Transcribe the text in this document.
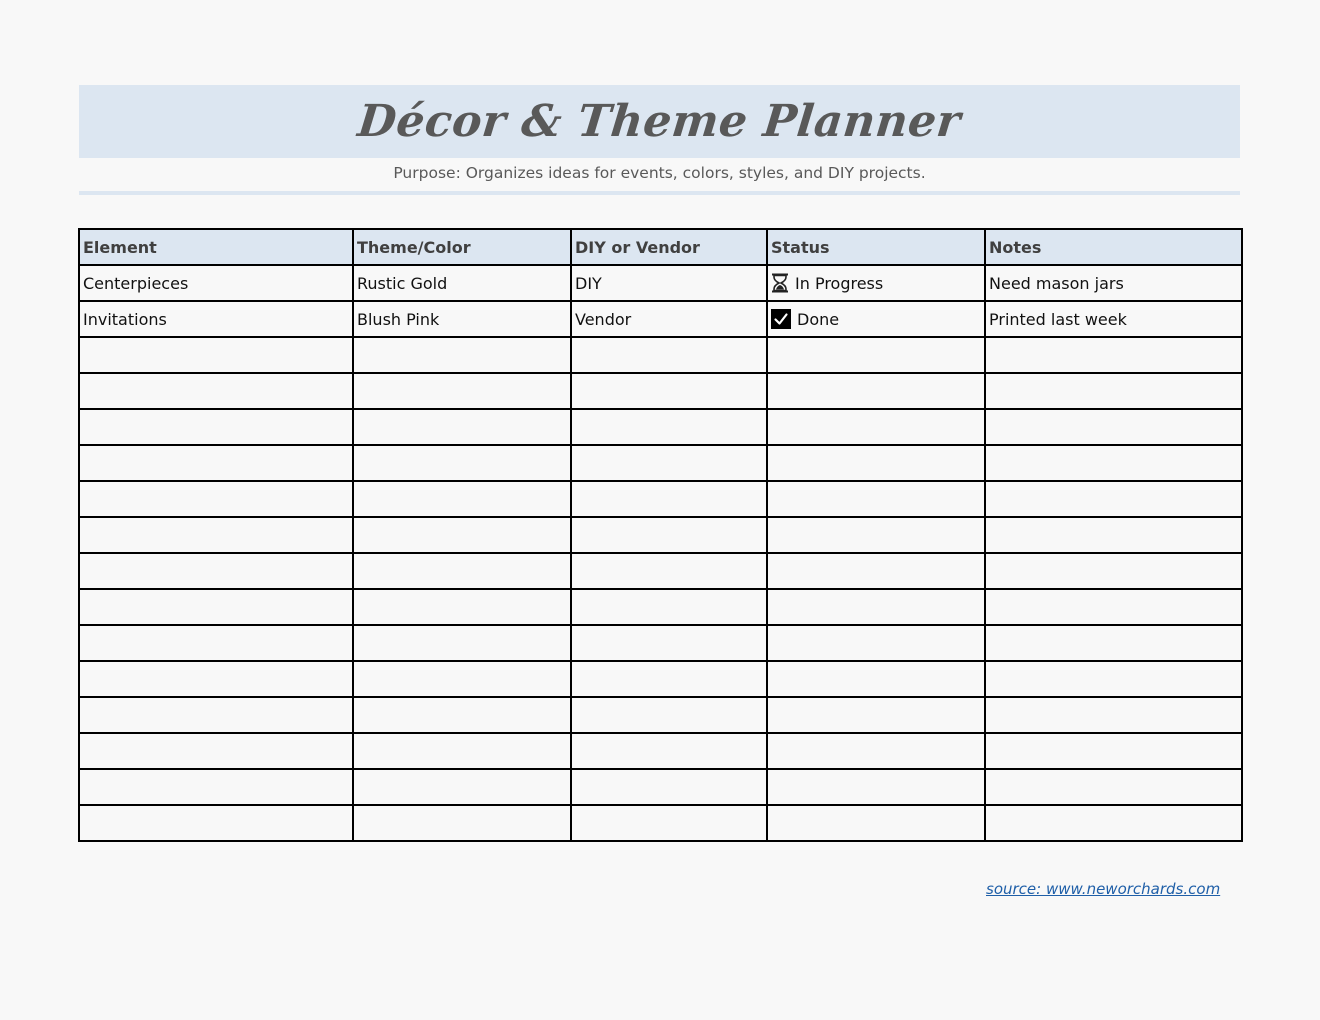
Décor & Theme Planner
Purpose: Organizes ideas for events, colors, styles, and DIY projects.
Element	Theme/Color	DIY or Vendor	Status	Notes
Centerpieces	Rustic Gold	DIY	In Progress	Need mason jars
Invitations	Blush Pink	Vendor	Done	Printed last week

source: www.neworchards.com
